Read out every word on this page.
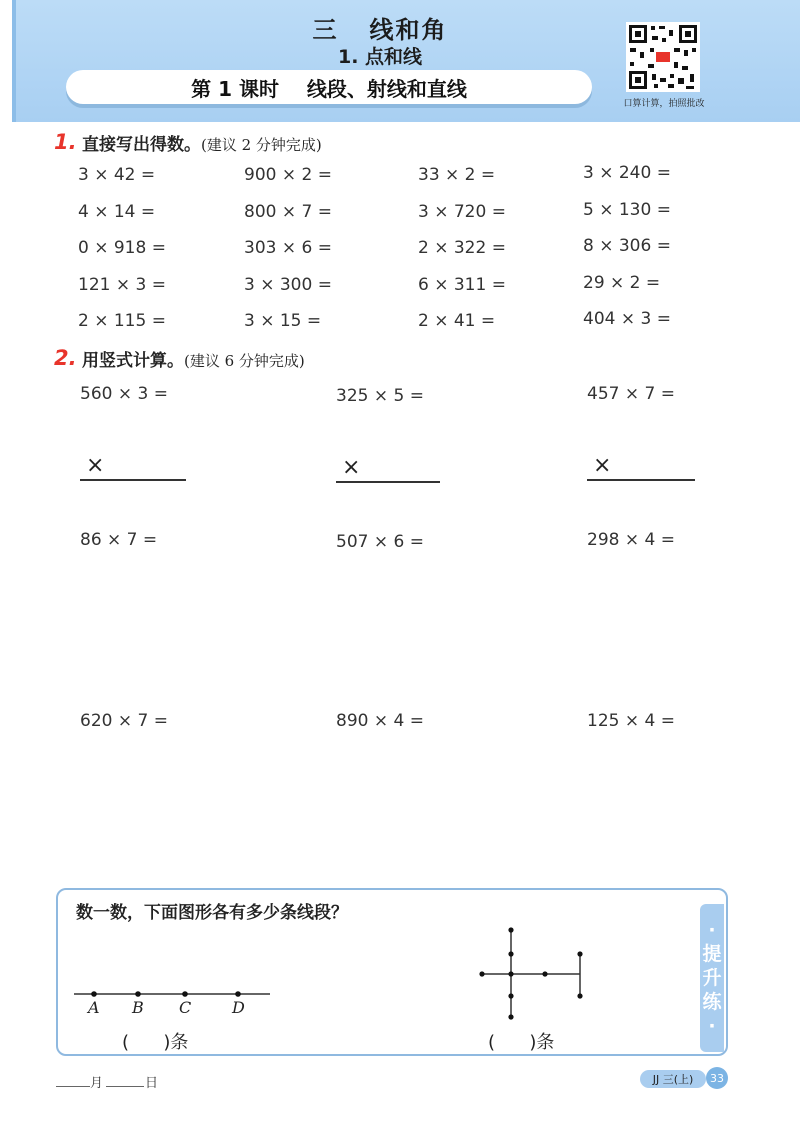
三   线和角
1. 点和线
第 1 课时    线段、射线和直线
口算计算，拍照批改
1. 直接写出得数。(建议 2 分钟完成)
3 × 42 =	900 × 2 =	33 × 2 =	3 × 240 =
4 × 14 =	800 × 7 =	3 × 720 =	5 × 130 =
0 × 918 =	303 × 6 =	2 × 322 =	8 × 306 =
121 × 3 =	3 × 300 =	6 × 311 =	29 × 2 =
2 × 115 =	3 × 15 =	2 × 41 =	404 × 3 =
2. 用竖式计算。(建议 6 分钟完成)
560 × 3 =	325 × 5 =	457 × 7 =
×	×	×
86 × 7 =	507 × 6 =	298 × 4 =
620 × 7 =	890 × 4 =	125 × 4 =
数一数，下面图形各有多少条线段？
·
提
升
练
·
A B C	D
(      )条	(      )条
月	日	JJ 三(上)	33
